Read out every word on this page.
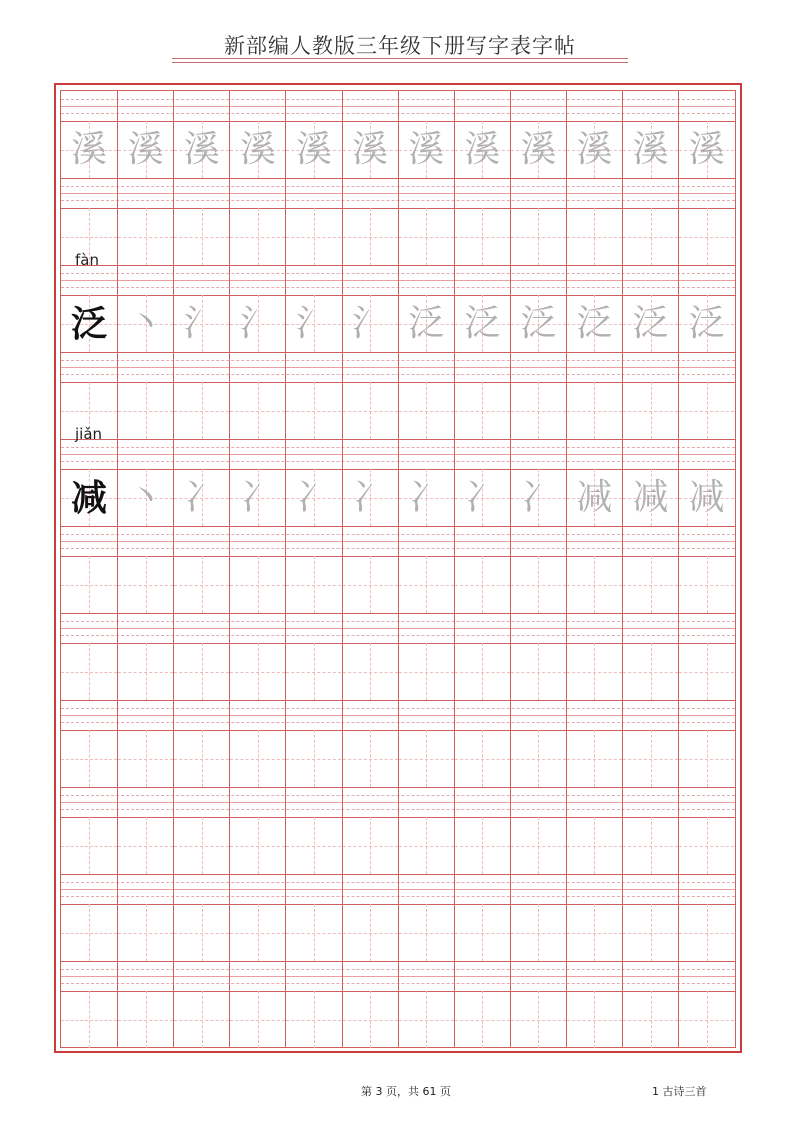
新部编人教版三年级下册写字表字帖
溪 溪 溪 溪 溪 溪 溪 溪 溪 溪 溪 溪
fàn
泛 丶 氵 氵 氵 氵 泛 泛 泛 泛 泛 泛
jiǎn
减 丶 冫 冫 冫 冫 冫 冫 冫 减 减 减
第 3 页，共 61 页	1 古诗三首
